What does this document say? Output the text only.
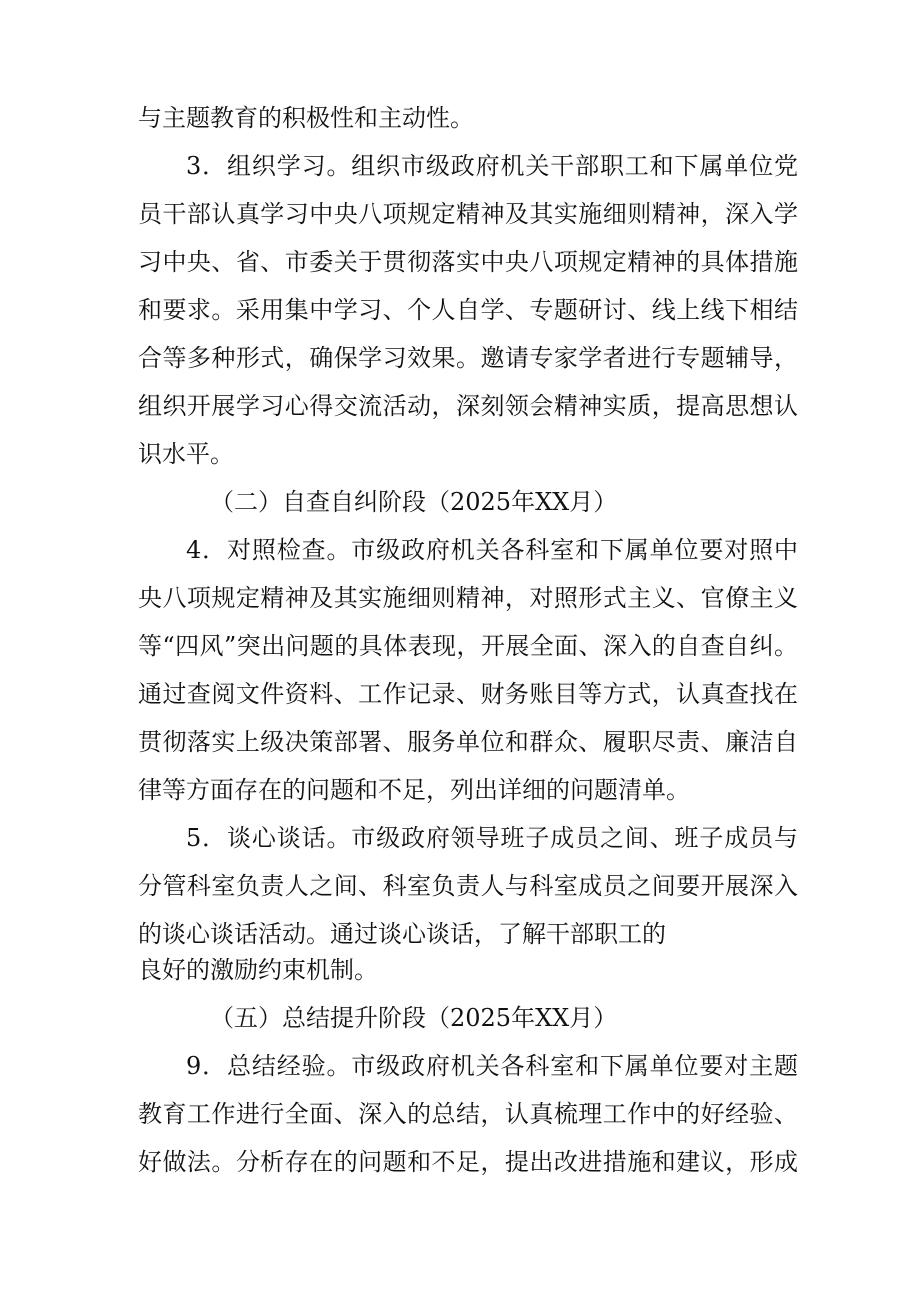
与主题教育的积极性和主动性。
3．组织学习。组织市级政府机关干部职工和下属单位党
员干部认真学习中央八项规定精神及其实施细则精神，深入学
习中央、省、市委关于贯彻落实中央八项规定精神的具体措施
和要求。采用集中学习、个人自学、专题研讨、线上线下相结
合等多种形式，确保学习效果。邀请专家学者进行专题辅导，
组织开展学习心得交流活动，深刻领会精神实质，提高思想认
识水平。
（二）自查自纠阶段（2025年XX月）
4．对照检查。市级政府机关各科室和下属单位要对照中
央八项规定精神及其实施细则精神，对照形式主义、官僚主义
等“四风”突出问题的具体表现，开展全面、深入的自查自纠。
通过查阅文件资料、工作记录、财务账目等方式，认真查找在
贯彻落实上级决策部署、服务单位和群众、履职尽责、廉洁自
律等方面存在的问题和不足，列出详细的问题清单。
5．谈心谈话。市级政府领导班子成员之间、班子成员与
分管科室负责人之间、科室负责人与科室成员之间要开展深入
的谈心谈话活动。通过谈心谈话，了解干部职工的
良好的激励约束机制。
（五）总结提升阶段（2025年XX月）
9．总结经验。市级政府机关各科室和下属单位要对主题
教育工作进行全面、深入的总结，认真梳理工作中的好经验、
好做法。分析存在的问题和不足，提出改进措施和建议，形成
